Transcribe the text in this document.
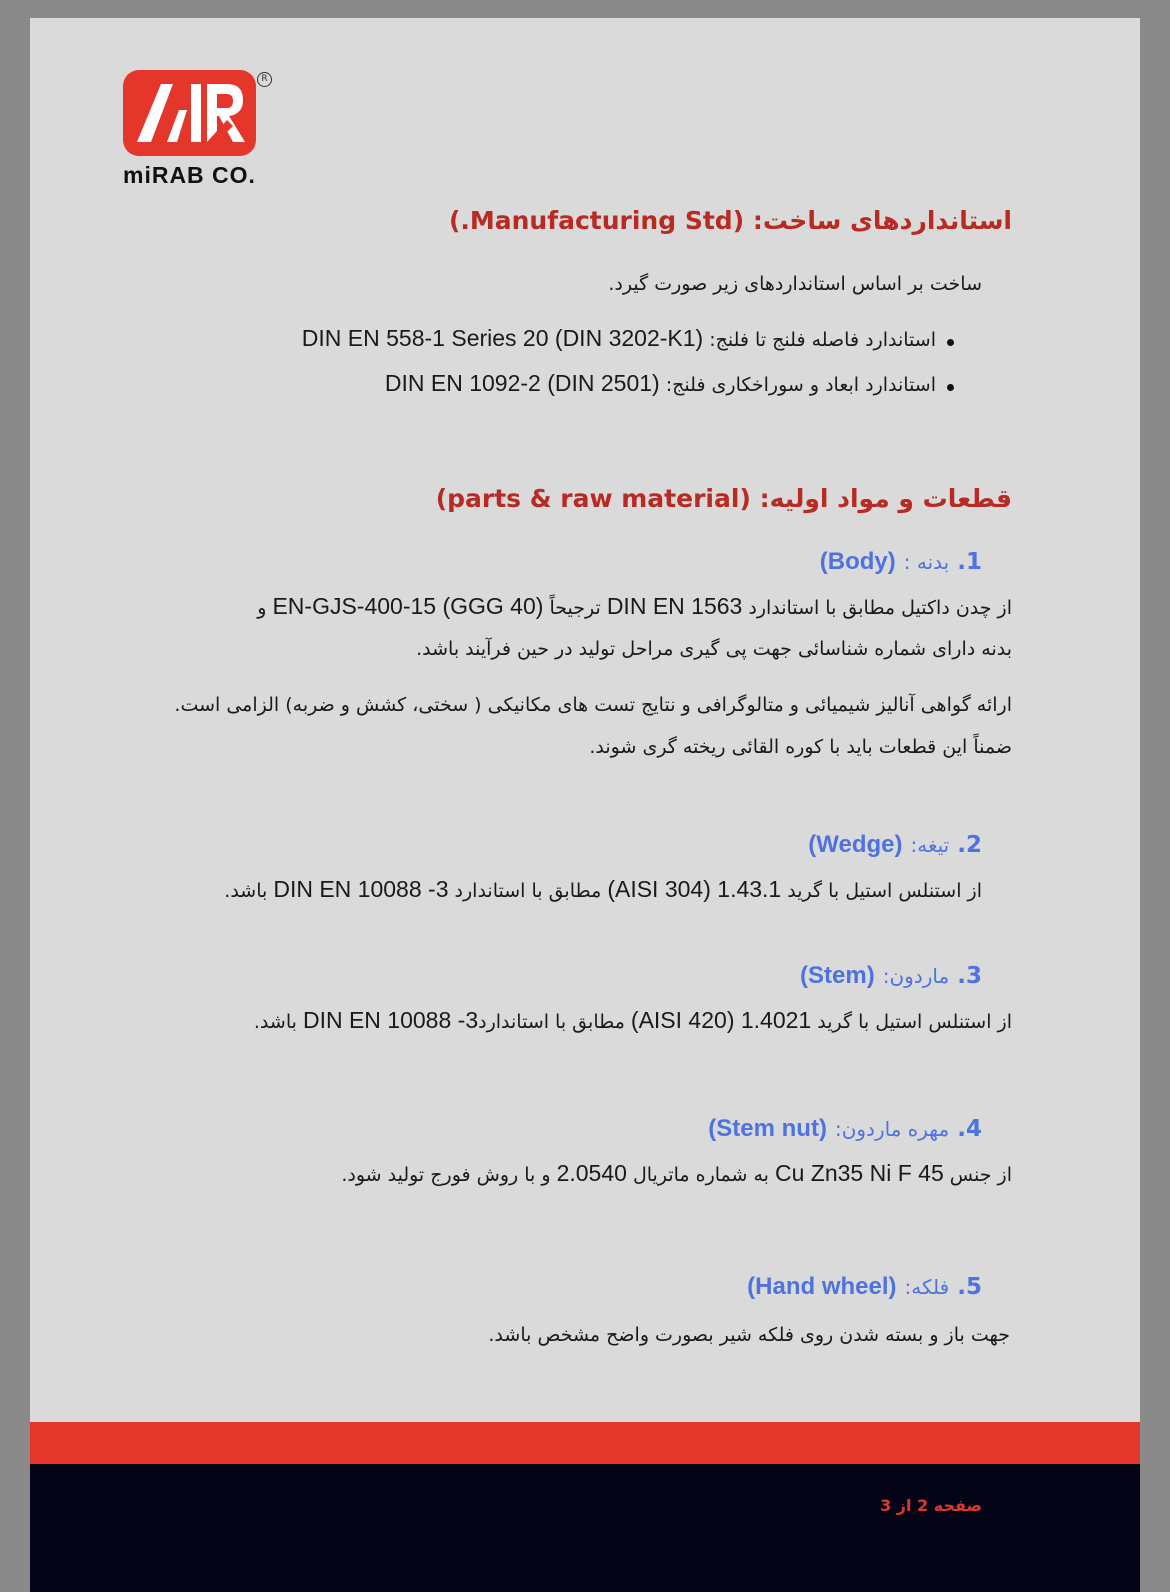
R
miRAB CO.
استانداردهای ساخت: (Manufacturing Std.)
ساخت بر اساس استانداردهای زیر صورت گیرد.
استاندارد فاصله فلنج تا فلنج: DIN EN 558-1 Series 20 (DIN 3202-K1)
استاندارد ابعاد و سوراخکاری فلنج: DIN EN 1092-2 (DIN 2501)
قطعات و مواد اولیه: (parts & raw material)
1. بدنه : (Body)
از چدن داکتیل مطابق با استاندارد DIN EN 1563 ترجیحاً EN-GJS-400-15 (GGG 40) و
بدنه دارای شماره شناسائی جهت پی گیری مراحل تولید در حین فرآیند باشد.
ارائه گواهی آنالیز شیمیائی و متالوگرافی و نتایج تست های مکانیکی ( سختی، کشش و ضربه) الزامی است.
ضمناً این قطعات باید با کوره القائی ریخته گری شوند.
2. تیغه: (Wedge)
از استنلس استیل با گرید 1.43.1 (AISI 304) مطابق با استاندارد DIN EN 10088 -3 باشد.
3. ماردون: (Stem)
از استنلس استیل با گرید 1.4021 (AISI 420) مطابق با استاندارد3- DIN EN 10088 باشد.
4. مهره ماردون: (Stem nut)
از جنس Cu Zn35 Ni F 45 به شماره ماتریال 2.0540 و با روش فورج تولید شود.
5. فلکه: (Hand wheel)
جهت باز و بسته شدن روی فلکه شیر بصورت واضح مشخص باشد.
صفحه 2 از 3
